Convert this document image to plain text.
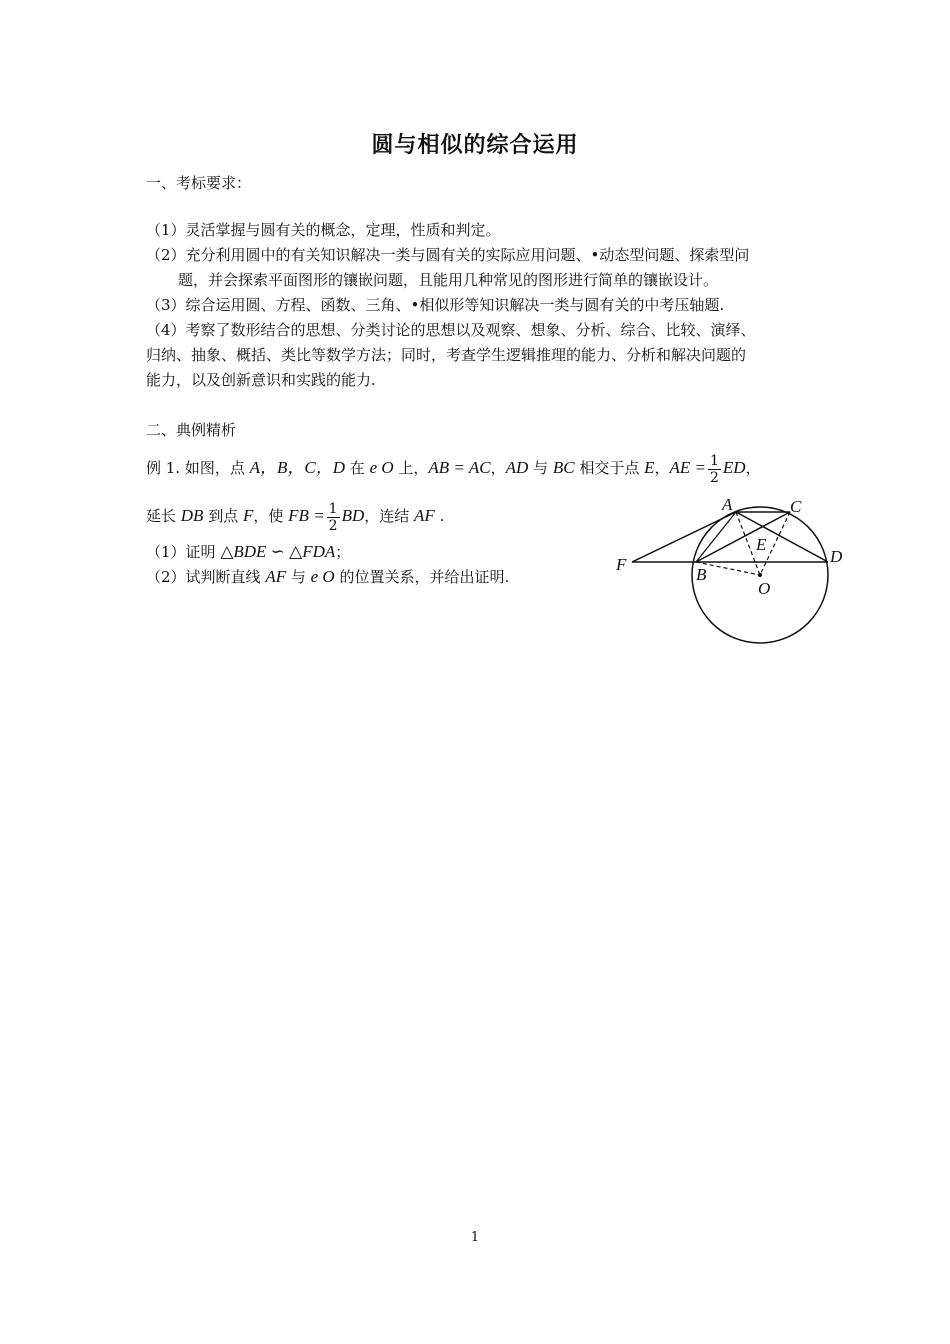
圆与相似的综合运用
一、考标要求：
（1）灵活掌握与圆有关的概念，定理，性质和判定。
（2）充分利用圆中的有关知识解决一类与圆有关的实际应用问题、•动态型问题、探索型问
题，并会探索平面图形的镶嵌问题，且能用几种常见的图形进行简单的镶嵌设计。
（3）综合运用圆、方程、函数、三角、•相似形等知识解决一类与圆有关的中考压轴题.
（4）考察了数形结合的思想、分类讨论的思想以及观察、想象、分析、综合、比较、演绎、
归纳、抽象、概括、类比等数学方法；同时，考查学生逻辑推理的能力、分析和解决问题的
能力，以及创新意识和实践的能力.
二、典例精析
例 1. 如图，点 A，B，C，D 在 e O 上，AB = AC，AD 与 BC 相交于点 E，AE = $\frac{1}{2}$ ED，
延长 DB 到点 F，使 FB = $\frac{1}{2}$ BD，连结 AF .
（1）证明 △BDE ∽ △FDA；
（2）试判断直线 AF 与 e O 的位置关系，并给出证明.
A	C
E
F	D
B
O
1
